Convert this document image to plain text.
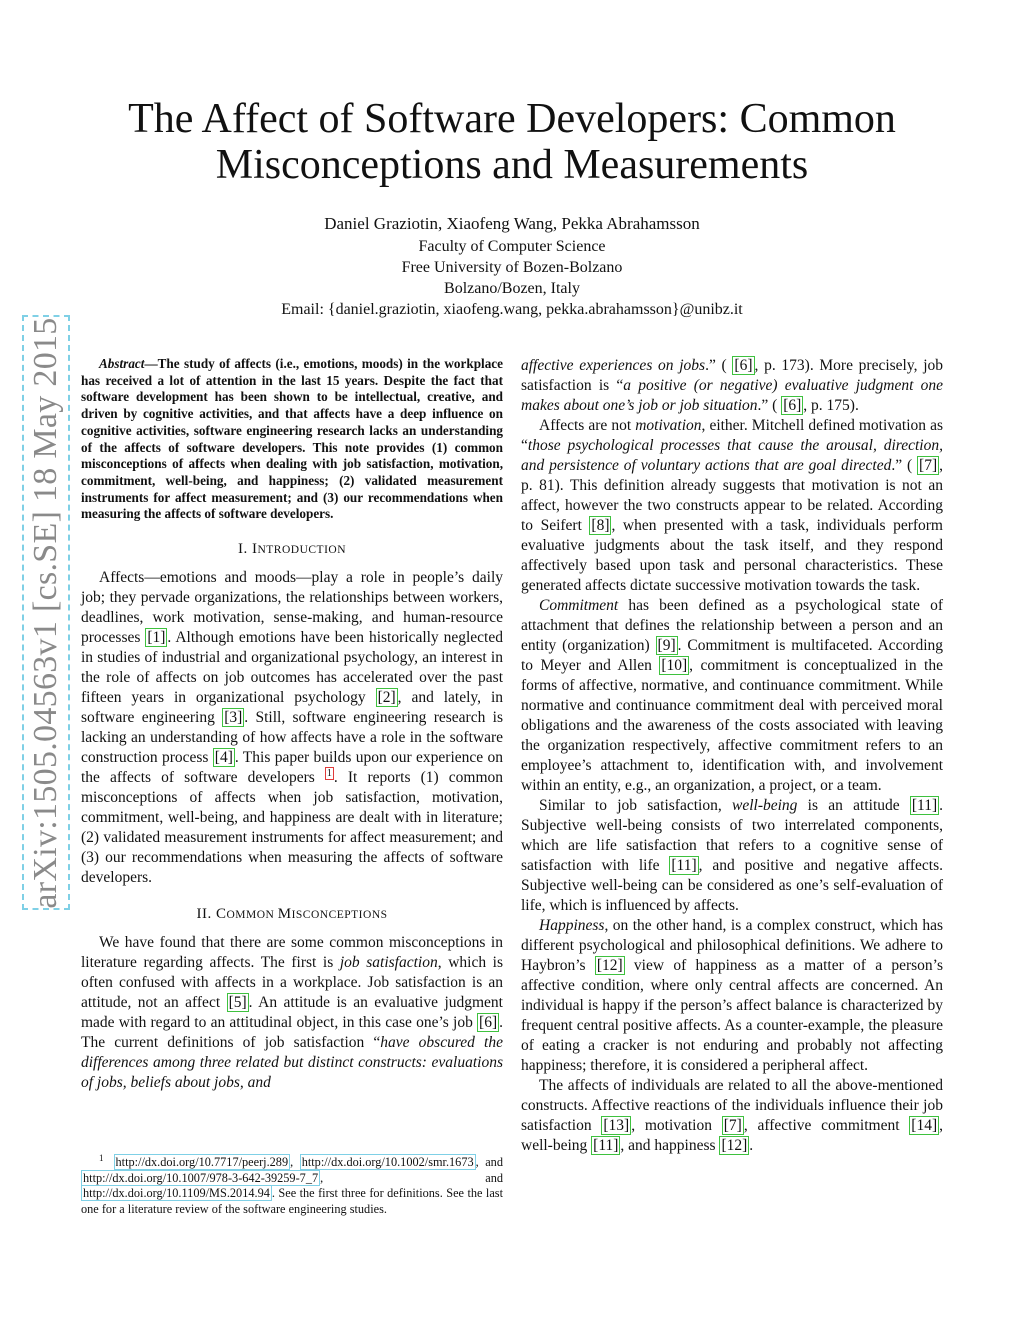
arXiv:1505.04563v1 [cs.SE] 18 May 2015
The Affect of Software Developers: Common Misconceptions and Measurements
Daniel Graziotin, Xiaofeng Wang, Pekka Abrahamsson
Faculty of Computer Science
Free University of Bozen-Bolzano
Bolzano/Bozen, Italy
Email: {daniel.graziotin, xiaofeng.wang, pekka.abrahamsson}@unibz.it

Abstract—The study of affects (i.e., emotions, moods) in the workplace has received a lot of attention in the last 15 years. Despite the fact that software development has been shown to be intellectual, creative, and driven by cognitive activities, and that affects have a deep influence on cognitive activities, software engineering research lacks an understanding of the affects of software developers. This note provides (1) common misconceptions of affects when dealing with job satisfaction, motivation, commitment, well-being, and happiness; (2) validated measurement instruments for affect measurement; and (3) our recommendations when measuring the affects of software developers.

I. INTRODUCTION

Affects—emotions and moods—play a role in people’s daily job; they pervade organizations, the relationships between workers, deadlines, work motivation, sense-making, and human-resource processes [1] . Although emotions have been historically neglected in studies of industrial and organizational psychology, an interest in the role of affects on job outcomes has accelerated over the past fifteen years in organizational psychology [2] , and lately, in software engineering [3] . Still, software engineering research is lacking an understanding of how affects have a role in the software construction process [4] . This paper builds upon our experience on the affects of software developers $^1$ . It reports (1) common misconceptions of affects when job satisfaction, motivation, commitment, well-being, and happiness are dealt with in literature; (2) validated measurement instruments for affect measurement; and (3) our recommendations when measuring the affects of software developers.

II. COMMON MISCONCEPTIONS

We have found that there are some common misconceptions in literature regarding affects. The first is job satisfaction, which is often confused with affects in a workplace. Job satisfaction is an attitude, not an affect [5] . An attitude is an evaluative judgment made with regard to an attitudinal object, in this case one’s job [6] . The current definitions of job satisfaction “have obscured the differences among three related but distinct constructs: evaluations of jobs, beliefs about jobs, and

$^1$ http://dx.doi.org/10.7717/peerj.289 , http://dx.doi.org/10.1002/smr.1673 , and http://dx.doi.org/10.1007/978-3-642-39259-7_7 , and http://dx.doi.org/10.1109/MS.2014.94 . See the first three for definitions. See the last one for a literature review of the software engineering studies.

affective experiences on jobs.” ( [6] , p. 173). More precisely, job satisfaction is “a positive (or negative) evaluative judgment one makes about one’s job or job situation.” ( [6] , p. 175).

Affects are not motivation, either. Mitchell defined motivation as “those psychological processes that cause the arousal, direction, and persistence of voluntary actions that are goal directed.” ( [7] , p. 81). This definition already suggests that motivation is not an affect, however the two constructs appear to be related. According to Seifert [8] , when presented with a task, individuals perform evaluative judgments about the task itself, and they respond affectively based upon task and personal characteristics. These generated affects dictate successive motivation towards the task.

Commitment has been defined as a psychological state of attachment that defines the relationship between a person and an entity (organization) [9] . Commitment is multifaceted. According to Meyer and Allen [10] , commitment is conceptualized in the forms of affective, normative, and continuance commitment. While normative and continuance commitment deal with perceived moral obligations and the awareness of the costs associated with leaving the organization respectively, affective commitment refers to an employee’s attachment to, identification with, and involvement within an entity, e.g., an organization, a project, or a team.

Similar to job satisfaction, well-being is an attitude [11] . Subjective well-being consists of two interrelated components, which are life satisfaction that refers to a cognitive sense of satisfaction with life [11] , and positive and negative affects. Subjective well-being can be considered as one’s self-evaluation of life, which is influenced by affects.

Happiness, on the other hand, is a complex construct, which has different psychological and philosophical definitions. We adhere to Haybron’s [12] view of happiness as a matter of a person’s affective condition, where only central affects are concerned. An individual is happy if the person’s affect balance is characterized by frequent central positive affects. As a counter-example, the pleasure of eating a cracker is not enduring and probably not affecting happiness; therefore, it is considered a peripheral affect.

The affects of individuals are related to all the above-mentioned constructs. Affective reactions of the individuals influence their job satisfaction [13] , motivation [7] , affective commitment [14] , well-being [11] , and happiness [12] .
